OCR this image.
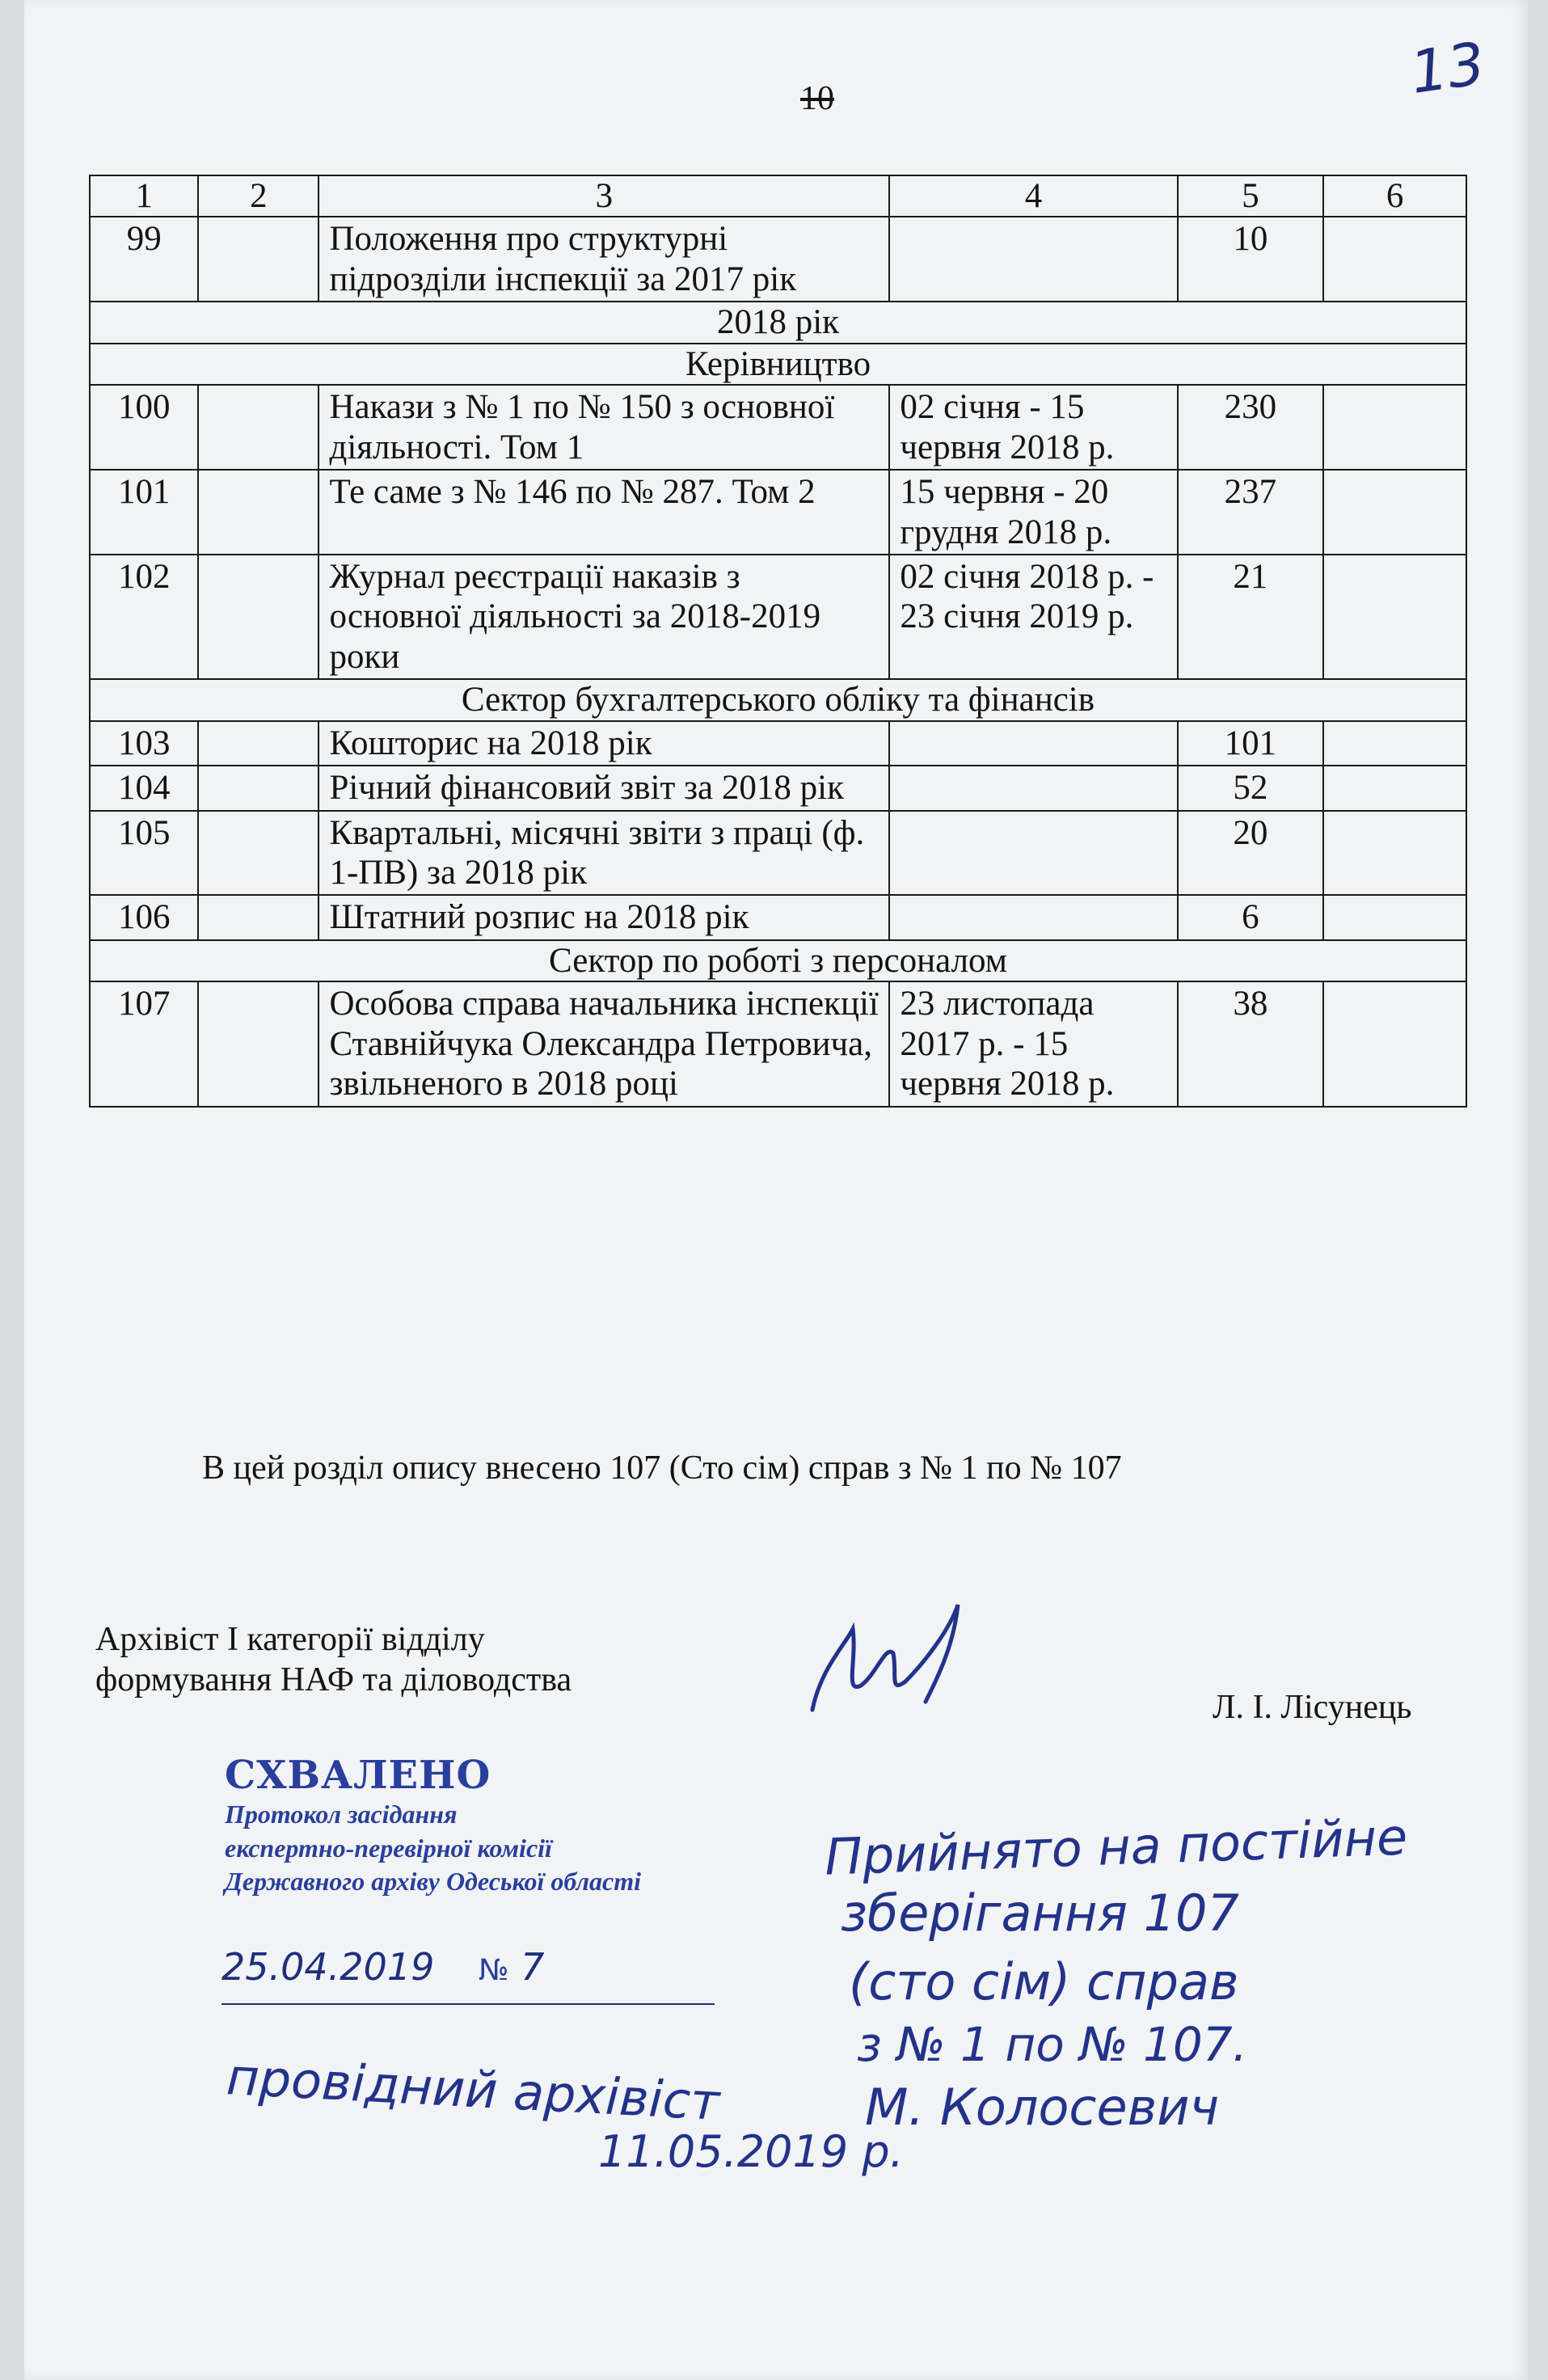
13
10
1	2	3	4	5	6
99		Положення про структурні підрозділи інспекції за 2017 рік		10	
2018 рік					
Керівництво					
100		Накази з № 1 по № 150 з основної діяльності. Том 1	02 січня - 15 червня 2018 р.	230	
101		Те саме з № 146 по № 287. Том 2	15 червня - 20 грудня 2018 р.	237	
102		Журнал реєстрації наказів з основної діяльності за 2018-2019 роки	02 січня 2018 р. - 23 січня 2019 р.	21	
Сектор бухгалтерського обліку та фінансів					
103		Кошторис на 2018 рік		101	
104		Річний фінансовий звіт за 2018 рік		52	
105		Квартальні, місячні звіти з праці (ф. 1-ПВ) за 2018 рік		20	
106		Штатний розпис на 2018 рік		6	
Сектор по роботі з персоналом					
107		Особова справа начальника інспекції Ставнійчука Олександра Петровича, звільненого в 2018 році	23 листопада 2017 р. - 15 червня 2018 р.	38	
В цей розділ опису внесено 107 (Сто сім) справ з № 1 по № 107
Архівіст І категорії відділу
формування НАФ та діловодства
Л. І. Лісунець
СХВАЛЕНО
Протокол засідання
експертно-перевірної комісії
Державного архіву Одеської області
25.04.2019 № 7
Прийнято на постійне
зберігання 107
(сто сім) справ
з № 1 по № 107.
провідний архівіст	М. Колосевич
11.05.2019 р.
